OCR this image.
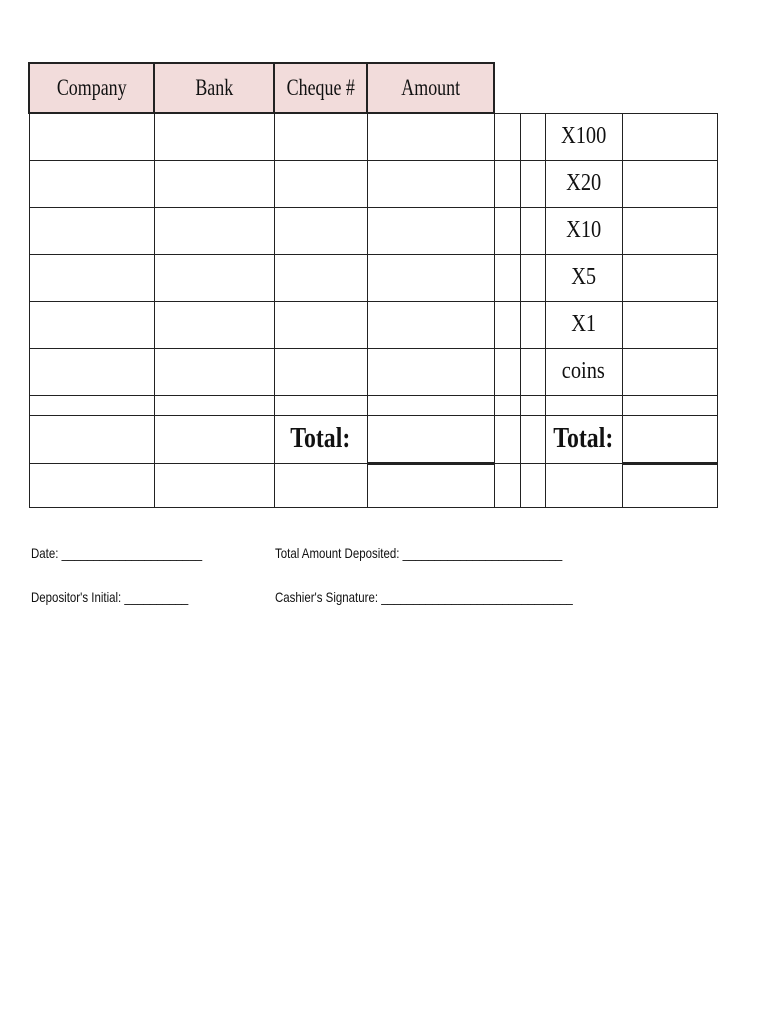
Company	Bank	Cheque #	Amount				
						X100	
						X20	
						X10	
						X5	
						X1	
						coins	

		Total:				Total:	

Date: ______________________	Total Amount Deposited: _________________________
Depositor's Initial: __________	Cashier's Signature: ______________________________
